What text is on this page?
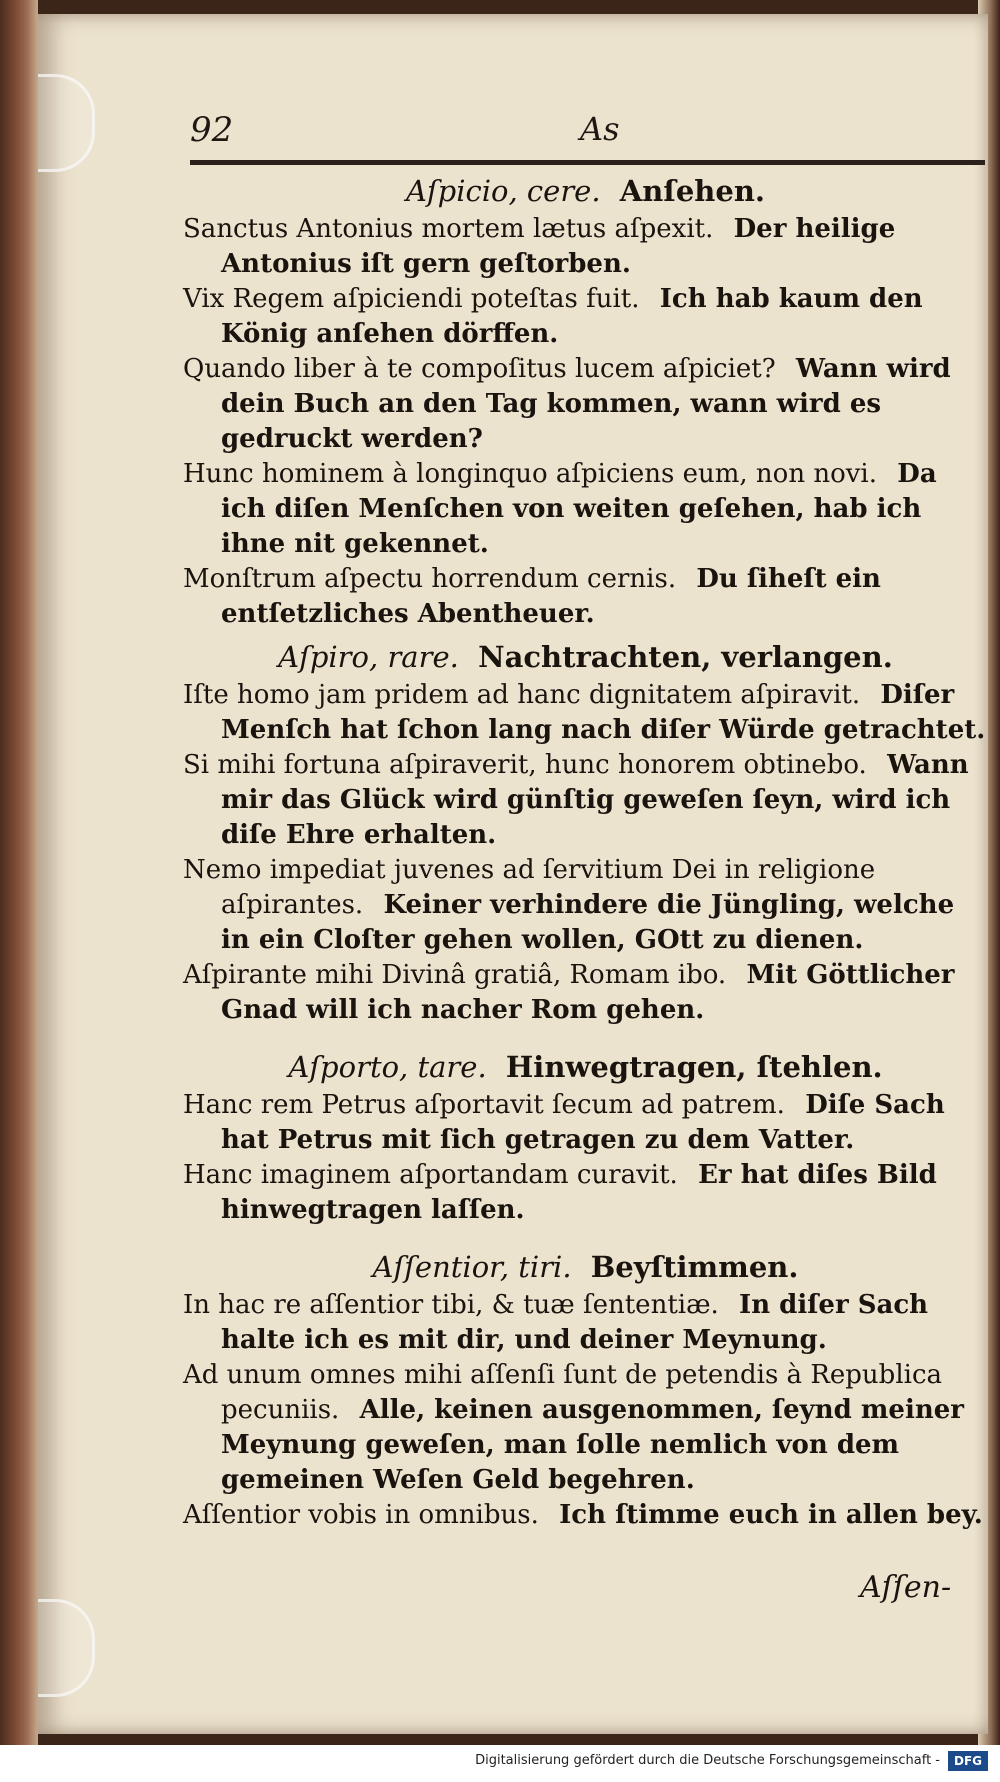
92	As
Aſpicio, cere. Anſehen.
Sanctus Antonius mortem lætus aſpexit. Der heilige Antonius iſt gern geſtorben.
Vix Regem aſpiciendi poteſtas fuit. Ich hab kaum den König anſehen dörffen.
Quando liber à te compoſitus lucem aſpiciet? Wann wird dein Buch an den Tag kommen, wann wird es gedruckt werden?
Hunc hominem à longinquo aſpiciens eum, non novi. Da ich diſen Menſchen von weiten geſehen, hab ich ihne nit gekennet.
Monſtrum aſpectu horrendum cernis. Du ſiheſt ein entſetzliches Abentheuer.
Aſpiro, rare. Nachtrachten, verlangen.
Iſte homo jam pridem ad hanc dignitatem aſpiravit. Diſer Menſch hat ſchon lang nach diſer Würde getrachtet.
Si mihi fortuna aſpiraverit, hunc honorem obtinebo. Wann mir das Glück wird günſtig geweſen ſeyn, wird ich diſe Ehre erhalten.
Nemo impediat juvenes ad ſervitium Dei in religione aſpirantes. Keiner verhindere die Jüngling, welche in ein Cloſter gehen wollen, GOtt zu dienen.
Aſpirante mihi Divinâ gratiâ, Romam ibo. Mit Göttlicher Gnad will ich nacher Rom gehen.
Aſporto, tare. Hinwegtragen, ſtehlen.
Hanc rem Petrus aſportavit ſecum ad patrem. Diſe Sach hat Petrus mit ſich getragen zu dem Vatter.
Hanc imaginem aſportandam curavit. Er hat diſes Bild hinwegtragen laſſen.
Aſſentior, tiri. Beyſtimmen.
In hac re aſſentior tibi, & tuæ ſententiæ. In diſer Sach halte ich es mit dir, und deiner Meynung.
Ad unum omnes mihi aſſenſi ſunt de petendis à Republica pecuniis. Alle, keinen ausgenommen, ſeynd meiner Meynung geweſen, man ſolle nemlich von dem gemeinen Weſen Geld begehren.
Aſſentior vobis in omnibus. Ich ſtimme euch in allen bey.
Aſſen-
Digitalisierung gefördert durch die Deutsche Forschungsgemeinschaft -	DFG
